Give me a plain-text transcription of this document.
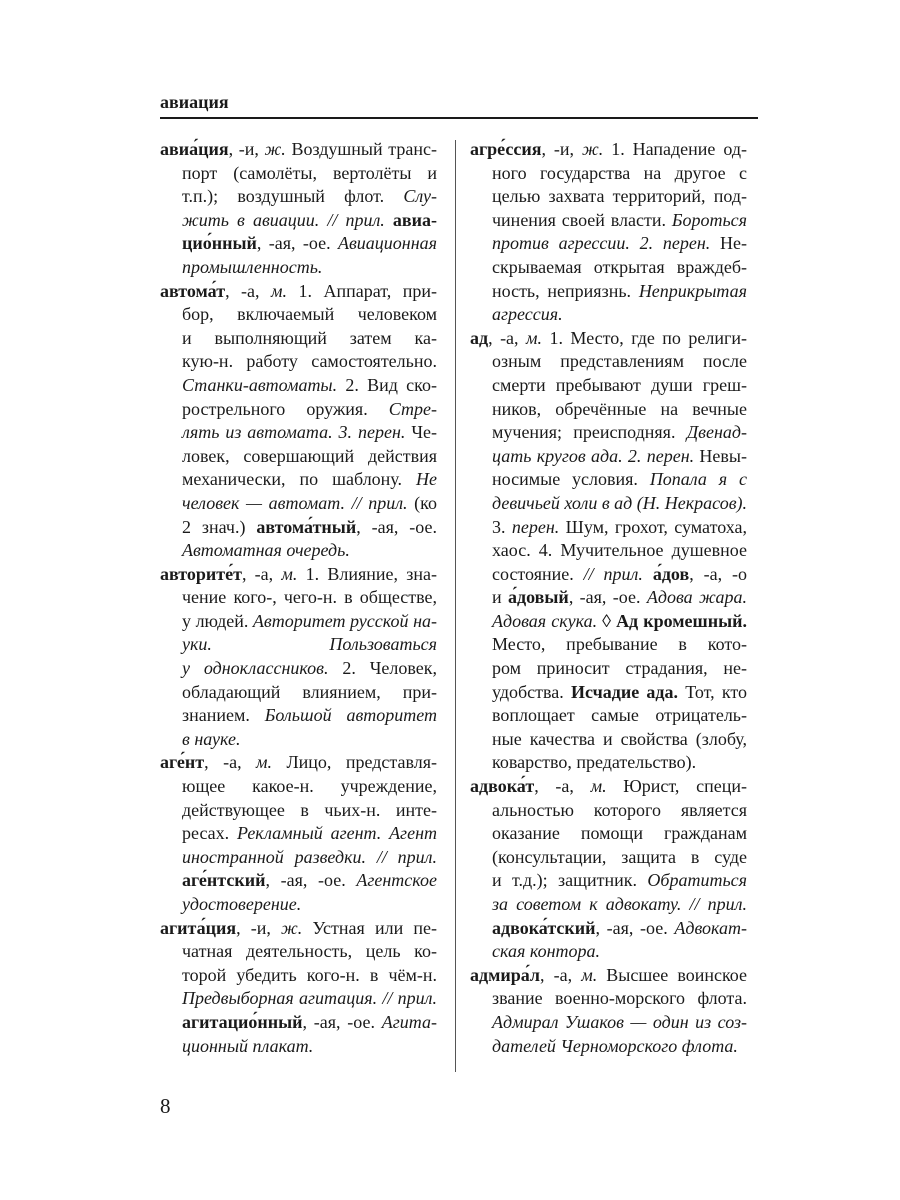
авиация
авиа́ция, -и, ж. Воздушный транс-
порт (самолёты, вертолёты и
т.п.); воздушный флот. Слу-
жить в авиации. // прил. авиа-
цио́нный, -ая, -ое. Авиационная
промышленность.
автома́т, -а, м. 1. Аппарат, при-
бор, включаемый человеком
и выполняющий затем ка-
кую-н. работу самостоятельно.
Станки-автоматы. 2. Вид ско-
рострельного оружия. Стре-
лять из автомата. 3. перен. Че-
ловек, совершающий действия
механически, по шаблону. Не
человек — автомат. // прил. (ко
2 знач.) автома́тный, -ая, -ое.
Автоматная очередь.
авторите́т, -а, м. 1. Влияние, зна-
чение кого-, чего-н. в обществе,
у людей. Авторитет русской на-
уки. Пользоваться
у одноклассников. 2. Человек,
обладающий влиянием, при-
знанием. Большой авторитет
в науке.
аге́нт, -а, м. Лицо, представля-
ющее какое-н. учреждение,
действующее в чьих-н. инте-
ресах. Рекламный агент. Агент
иностранной разведки. // прил.
аге́нтский, -ая, -ое. Агентское
удостоверение.
агита́ция, -и, ж. Устная или пе-
чатная деятельность, цель ко-
торой убедить кого-н. в чём-н.
Предвыборная агитация. // прил.
агитацио́нный, -ая, -ое. Агита-
ционный плакат.
агре́ссия, -и, ж. 1. Нападение од-
ного государства на другое с
целью захвата территорий, под-
чинения своей власти. Бороться
против агрессии. 2. перен. Не-
скрываемая открытая враждеб-
ность, неприязнь. Неприкрытая
агрессия.
ад, -а, м. 1. Место, где по религи-
озным представлениям после
смерти пребывают души греш-
ников, обречённые на вечные
мучения; преисподняя. Двенад-
цать кругов ада. 2. перен. Невы-
носимые условия. Попала я с
девичьей холи в ад (Н. Некрасов).
3. перен. Шум, грохот, суматоха,
хаос. 4. Мучительное душевное
состояние. // прил. а́дов, -а, -о
и а́довый, -ая, -ое. Адова жара.
Адовая скука. ◊ Ад кромешный.
Место, пребывание в кото-
ром приносит страдания, не-
удобства. Исчадие ада. Тот, кто
воплощает самые отрицатель-
ные качества и свойства (злобу,
коварство, предательство).
адвока́т, -а, м. Юрист, специ-
альностью которого является
оказание помощи гражданам
(консультации, защита в суде
и т.д.); защитник. Обратиться
за советом к адвокату. // прил.
адвока́тский, -ая, -ое. Адвокат-
ская контора.
адмира́л, -а, м. Высшее воинское
звание военно-морского флота.
Адмирал Ушаков — один из соз-
дателей Черноморского флота.
8
